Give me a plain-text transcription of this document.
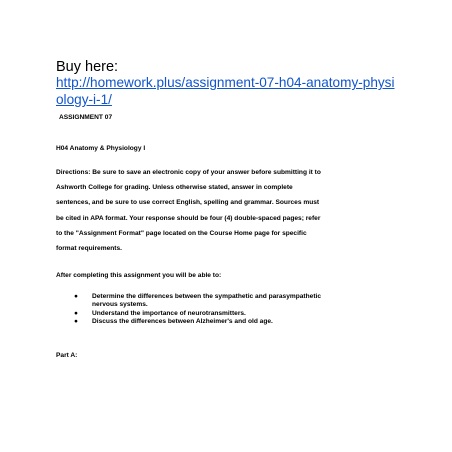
Buy here:
http://homework.plus/assignment-07-h04-anatomy-physi
ology-i-1/
ASSIGNMENT 07
H04 Anatomy & Physiology I
Directions: Be sure to save an electronic copy of your answer before submitting it to
Ashworth College for grading. Unless otherwise stated, answer in complete
sentences, and be sure to use correct English, spelling and grammar. Sources must
be cited in APA format. Your response should be four (4) double-spaced pages; refer
to the "Assignment Format" page located on the Course Home page for specific
format requirements.
After completing this assignment you will be able to:
● Determine the differences between the sympathetic and parasympathetic
nervous systems.
● Understand the importance of neurotransmitters.
● Discuss the differences between Alzheimer's and old age.
Part A:
